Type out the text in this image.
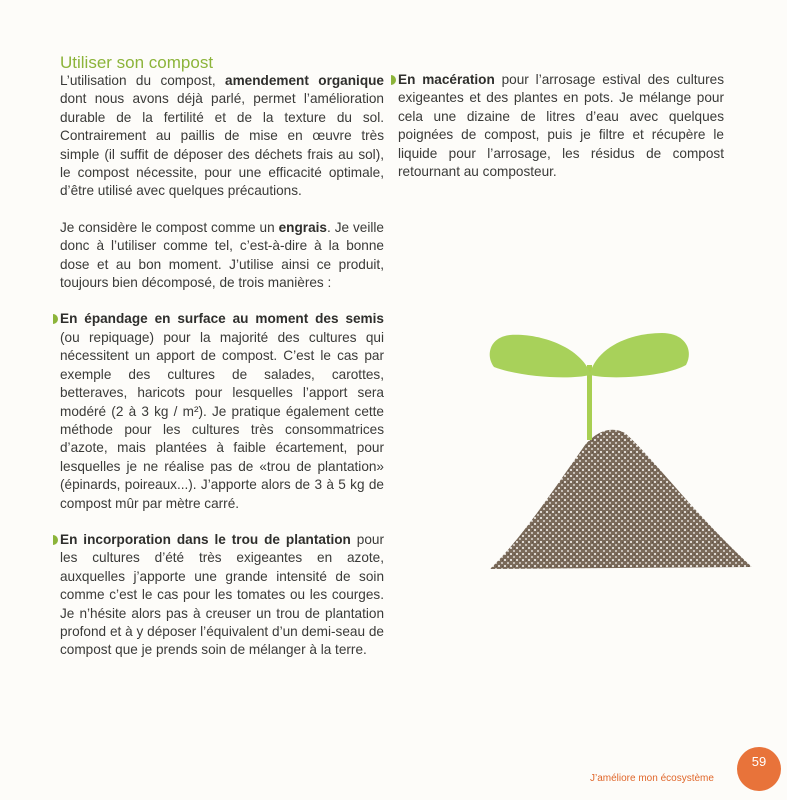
Utiliser son compost

L’utilisation du compost, amendement organique dont nous avons déjà parlé, permet l’amélioration durable de la fertilité et de la texture du sol. Contrairement au paillis de mise en œuvre très simple (il suffit de déposer des déchets frais au sol), le compost nécessite, pour une efficacité optimale, d’être utilisé avec quelques précautions.

Je considère le compost comme un engrais. Je veille donc à l’utiliser comme tel, c’est-à-dire à la bonne dose et au bon moment. J’utilise ainsi ce produit, toujours bien décomposé, de trois manières :

En épandage en surface au moment des semis (ou repiquage) pour la majorité des cultures qui nécessitent un apport de compost. C’est le cas par exemple des cultures de salades, carottes, betteraves, haricots pour lesquelles l’apport sera modéré (2 à 3 kg / m²). Je pratique également cette méthode pour les cultures très consommatrices d’azote, mais plantées à faible écartement, pour lesquelles je ne réalise pas de «trou de plantation» (épinards, poireaux...). J’apporte alors de 3 à 5 kg de compost mûr par mètre carré.

En incorporation dans le trou de plantation pour les cultures d’été très exigeantes en azote, auxquelles j’apporte une grande intensité de soin comme c’est le cas pour les tomates ou les courges. Je n’hésite alors pas à creuser un trou de plantation profond et à y déposer l’équivalent d’un demi-seau de compost que je prends soin de mélanger à la terre.

En macération pour l’arrosage estival des cultures exigeantes et des plantes en pots. Je mélange pour cela une dizaine de litres d’eau avec quelques poignées de compost, puis je filtre et récupère le liquide pour l’arrosage, les résidus de compost retournant au composteur.

J’améliore mon écosystème
59
